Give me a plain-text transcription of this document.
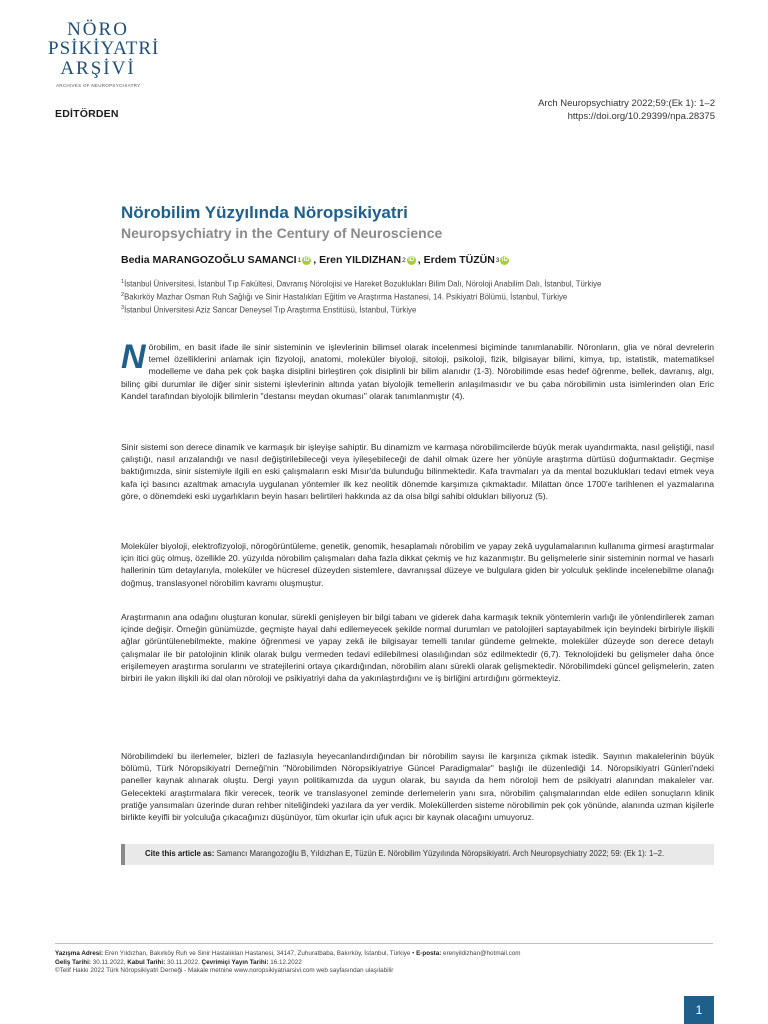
NÖRO
PSİKİYATRİ
ARŞİVİ
ARCHIVES OF NEUROPSYCHIATRY
EDİTÖRDEN
Arch Neuropsychiatry 2022;59:(Ek 1): 1–2
https://doi.org/10.29399/npa.28375
Nörobilim Yüzyılında Nöropsikiyatri
Neuropsychiatry in the Century of Neuroscience
Bedia MARANGOZOĞLU SAMANCI 1 iD , Eren YILDIZHAN 2 iD , Erdem TÜZÜN 3 iD
$^1$İstanbul Üniversitesi, İstanbul Tıp Fakültesi, Davranış Nörolojisi ve Hareket Bozuklukları Bilim Dalı, Nöroloji Anabilim Dalı, İstanbul, Türkiye
$^2$Bakırköy Mazhar Osman Ruh Sağlığı ve Sinir Hastalıkları Eğitim ve Araştırma Hastanesi, 14. Psikiyatri Bölümü, İstanbul, Türkiye
$^3$İstanbul Üniversitesi Aziz Sancar Deneysel Tıp Araştırma Enstitüsü, İstanbul, Türkiye
Nörobilim, en basit ifade ile sinir sisteminin ve işlevlerinin bilimsel olarak incelenmesi biçiminde tanımlanabilir. Nöronların, glia ve nöral devrelerin temel özelliklerini anlamak için fizyoloji, anatomi, moleküler biyoloji, sitoloji, psikoloji, fizik, bilgisayar bilimi, kimya, tıp, istatistik, matematiksel modelleme ve daha pek çok başka disiplini birleştiren çok disiplinli bir bilim alanıdır (1-3). Nörobilimde esas hedef öğrenme, bellek, davranış, algı, bilinç gibi durumlar ile diğer sinir sistemi işlevlerinin altında yatan biyolojik temellerin anlaşılmasıdır ve bu çaba nörobilimin usta isimlerinden olan Eric Kandel tarafından biyolojik bilimlerin "destansı meydan okuması" olarak tanımlanmıştır (4).
Sinir sistemi son derece dinamik ve karmaşık bir işleyişe sahiptir. Bu dinamizm ve karmaşa nörobilimcilerde büyük merak uyandırmakta, nasıl geliştiği, nasıl çalıştığı, nasıl arızalandığı ve nasıl değiştirilebileceği veya iyileşebileceği de dahil olmak üzere her yönüyle araştırma dürtüsü doğurmaktadır. Geçmişe baktığımızda, sinir sistemiyle ilgili en eski çalışmaların eski Mısır'da bulunduğu bilinmektedir. Kafa travmaları ya da mental bozuklukları tedavi etmek veya kafa içi basıncı azaltmak amacıyla uygulanan yöntemler ilk kez neolitik dönemde karşımıza çıkmaktadır. Milattan önce 1700'e tarihlenen el yazmalarına göre, o dönemdeki eski uygarlıkların beyin hasarı belirtileri hakkında az da olsa bilgi sahibi oldukları biliyoruz (5).
Moleküler biyoloji, elektrofizyoloji, nörogörüntüleme, genetik, genomik, hesaplamalı nörobilim ve yapay zekâ uygulamalarının kullanıma girmesi araştırmalar için itici güç olmuş, özellikle 20. yüzyılda nörobilim çalışmaları daha fazla dikkat çekmiş ve hız kazanmıştır. Bu gelişmelerle sinir sisteminin normal ve hasarlı hallerinin tüm detaylarıyla, moleküler ve hücresel düzeyden sistemlere, davranışsal düzeye ve bulgulara giden bir yolculuk şeklinde incelenebilme olanağı doğmuş, translasyonel nörobilim kavramı oluşmuştur.
Araştırmanın ana odağını oluşturan konular, sürekli genişleyen bir bilgi tabanı ve giderek daha karmaşık teknik yöntemlerin varlığı ile yönlendirilerek zaman içinde değişir. Örneğin günümüzde, geçmişte hayal dahi edilemeyecek şekilde normal durumları ve patolojileri saptayabilmek için beyindeki birbiriyle ilişkili ağlar görüntülenebilmekte, makine öğrenmesi ve yapay zekâ ile bilgisayar temelli tanılar gündeme gelmekte, moleküler düzeyde son derece detaylı çalışmalar ile bir patolojinin klinik olarak bulgu vermeden tedavi edilebilmesi olasılığından söz edilmektedir (6,7). Teknolojideki bu gelişmeler daha önce erişilemeyen araştırma sorularını ve stratejilerini ortaya çıkardığından, nörobilim alanı sürekli olarak gelişmektedir. Nörobilimdeki güncel gelişmelerin, zaten birbiri ile yakın ilişkili iki dal olan nöroloji ve psikiyatriyi daha da yakınlaştırdığını ve iş birliğini artırdığını görmekteyiz.
Nörobilimdeki bu ilerlemeler, bizleri de fazlasıyla heyecanlandırdığından bir nörobilim sayısı ile karşınıza çıkmak istedik. Sayının makalelerinin büyük bölümü, Türk Nöropsikiyatri Derneği'nin "Nörobilimden Nöropsikiyatriye Güncel Paradigmalar" başlığı ile düzenlediği 14. Nöropsikiyatri Günleri'ndeki paneller kaynak alınarak oluştu. Dergi yayın politikamızda da uygun olarak, bu sayıda da hem nöroloji hem de psikiyatri alanından makaleler var. Gelecekteki araştırmalara fikir verecek, teorik ve translasyonel zeminde derlemelerin yanı sıra, nörobilim çalışmalarından elde edilen sonuçların klinik pratiğe yansımaları üzerinde duran rehber niteliğindeki yazılara da yer verdik. Moleküllerden sisteme nörobilimin pek çok yönünde, alanında uzman kişilerle birlikte keyifli bir yolculuğa çıkacağınızı düşünüyor, tüm okurlar için ufuk açıcı bir kaynak olacağını umuyoruz.
Cite this article as: Samancı Marangozoğlu B, Yıldızhan E, Tüzün E. Nörobilim Yüzyılında Nöropsikiyatri. Arch Neuropsychiatry 2022; 59: (Ek 1): 1–2.
Yazışma Adresi: Eren Yıldızhan, Bakırköy Ruh ve Sinir Hastalıkları Hastanesi, 34147, Zuhuratbaba, Bakırköy, İstanbul, Türkiye • E-posta: erenyildizhan@hotmail.com
Geliş Tarihi: 30.11.2022, Kabul Tarihi: 30.11.2022, Çevrimiçi Yayın Tarihi: 16.12.2022
©Telif Hakkı 2022 Türk Nöropsikiyatri Derneği - Makale metnine www.noropsikiyatriarsivi.com web sayfasından ulaşılabilir
1
